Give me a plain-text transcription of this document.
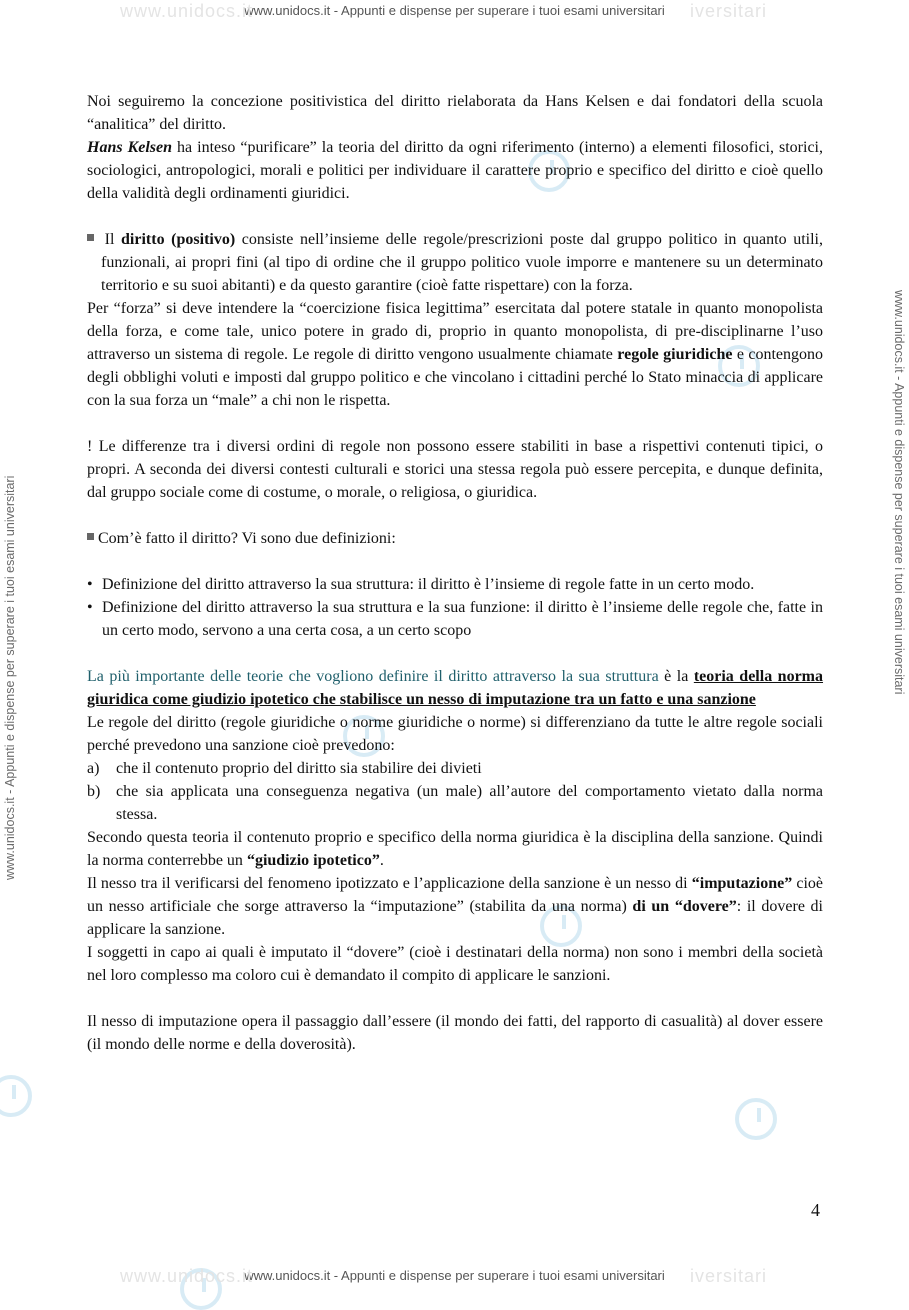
www.unidocs.it
www.unidocs.it - Appunti e dispense per superare i tuoi esami universitari iversitari
www.unidocs.it - Appunti e dispense per superare i tuoi esami universitari	www.unidocs.it - Appunti e dispense per superare i tuoi esami universitari

Noi seguiremo la concezione positivistica del diritto rielaborata da Hans Kelsen e dai fondatori della scuola “analitica” del diritto.

Hans Kelsen ha inteso “purificare” la teoria del diritto da ogni riferimento (interno) a elementi filosofici, storici, sociologici, antropologici, morali e politici per individuare il carattere proprio e specifico del diritto e cioè quello della validità degli ordinamenti giuridici.

Il diritto (positivo) consiste nell’insieme delle regole/prescrizioni poste dal gruppo politico in quanto utili, funzionali, ai propri fini (al tipo di ordine che il gruppo politico vuole imporre e mantenere su un determinato territorio e su suoi abitanti) e da questo garantire (cioè fatte rispettare) con la forza.

Per “forza” si deve intendere la “coercizione fisica legittima” esercitata dal potere statale in quanto monopolista della forza, e come tale, unico potere in grado di, proprio in quanto monopolista, di pre-disciplinarne l’uso attraverso un sistema di regole. Le regole di diritto vengono usualmente chiamate regole giuridiche e contengono degli obblighi voluti e imposti dal gruppo politico e che vincolano i cittadini perché lo Stato minaccia di applicare con la sua forza un “male” a chi non le rispetta.

! Le differenze tra i diversi ordini di regole non possono essere stabiliti in base a rispettivi contenuti tipici, o propri. A seconda dei diversi contesti culturali e storici una stessa regola può essere percepita, e dunque definita, dal gruppo sociale come di costume, o morale, o religiosa, o giuridica.

Com’è fatto il diritto? Vi sono due definizioni:

• Definizione del diritto attraverso la sua struttura: il diritto è l’insieme di regole fatte in un certo modo.
• Definizione del diritto attraverso la sua struttura e la sua funzione: il diritto è l’insieme delle regole che, fatte in un certo modo, servono a una certa cosa, a un certo scopo

La più importante delle teorie che vogliono definire il diritto attraverso la sua struttura è la teoria della norma giuridica come giudizio ipotetico che stabilisce un nesso di imputazione tra un fatto e una sanzione

Le regole del diritto (regole giuridiche o norme giuridiche o norme) si differenziano da tutte le altre regole sociali perché prevedono una sanzione cioè prevedono:

a)	che il contenuto proprio del diritto sia stabilire dei divieti
b) che sia applicata una conseguenza negativa (un male) all’autore del comportamento vietato dalla norma stessa.

Secondo questa teoria il contenuto proprio e specifico della norma giuridica è la disciplina della sanzione. Quindi la norma conterrebbe un “giudizio ipotetico”.

Il nesso tra il verificarsi del fenomeno ipotizzato e l’applicazione della sanzione è un nesso di “imputazione” cioè un nesso artificiale che sorge attraverso la “imputazione” (stabilita da una norma) di un “dovere”: il dovere di applicare la sanzione.

I soggetti in capo ai quali è imputato il “dovere” (cioè i destinatari della norma) non sono i membri della società nel loro complesso ma coloro cui è demandato il compito di applicare le sanzioni.

Il nesso di imputazione opera il passaggio dall’essere (il mondo dei fatti, del rapporto di casualità) al dover essere (il mondo delle norme e della doverosità).

4
www.unidocs.it
www.unidocs.it - Appunti e dispense per superare i tuoi esami universitari iversitari
